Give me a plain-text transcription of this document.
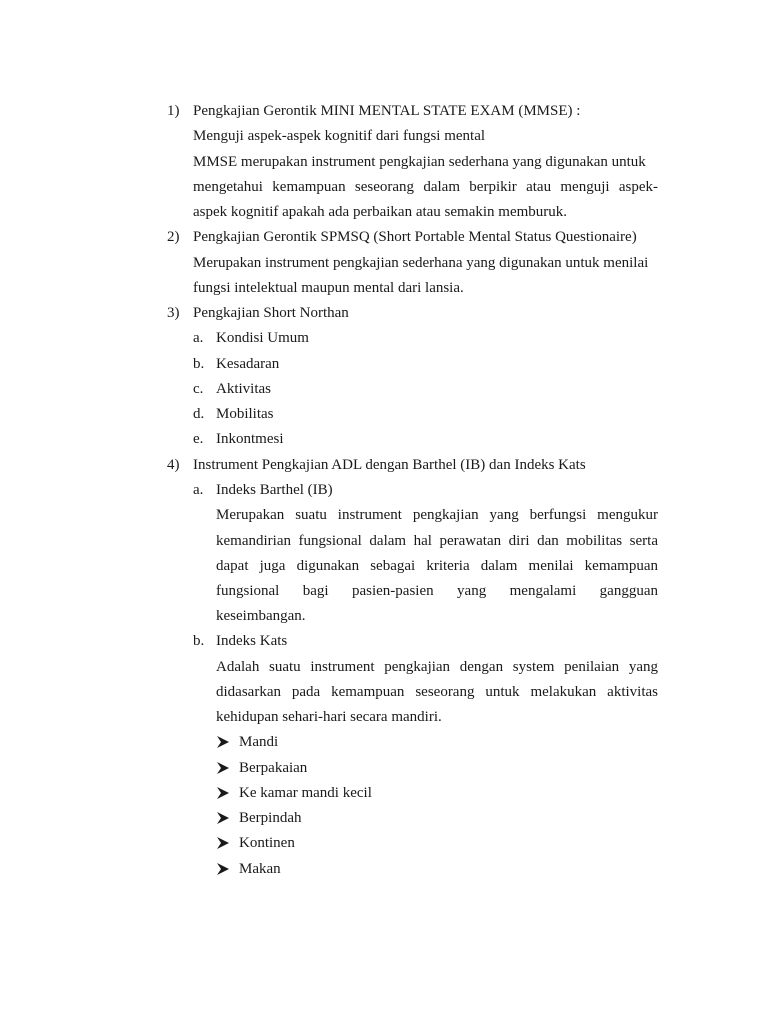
1) Pengkajian Gerontik MINI MENTAL STATE EXAM (MMSE) :
Menguji aspek-aspek kognitif dari fungsi mental
MMSE merupakan instrument pengkajian sederhana yang digunakan untuk
mengetahui kemampuan seseorang dalam berpikir atau menguji aspek-
aspek kognitif apakah ada perbaikan atau semakin memburuk.
2) Pengkajian Gerontik SPMSQ (Short Portable Mental Status Questionaire)
Merupakan instrument pengkajian sederhana yang digunakan untuk menilai
fungsi intelektual maupun mental dari lansia.
3) Pengkajian Short Northan
a. Kondisi Umum
b. Kesadaran
c. Aktivitas
d. Mobilitas
e. Inkontmesi
4) Instrument Pengkajian ADL dengan Barthel (IB) dan Indeks Kats
a. Indeks Barthel (IB)
Merupakan suatu instrument pengkajian yang berfungsi mengukur
kemandirian fungsional dalam hal perawatan diri dan mobilitas serta
dapat juga digunakan sebagai kriteria dalam menilai kemampuan
fungsional bagi pasien-pasien yang mengalami gangguan
keseimbangan.
b. Indeks Kats
Adalah suatu instrument pengkajian dengan system penilaian yang
didasarkan pada kemampuan seseorang untuk melakukan aktivitas
kehidupan sehari-hari secara mandiri.
Mandi
Berpakaian
Ke kamar mandi kecil
Berpindah
Kontinen
Makan
